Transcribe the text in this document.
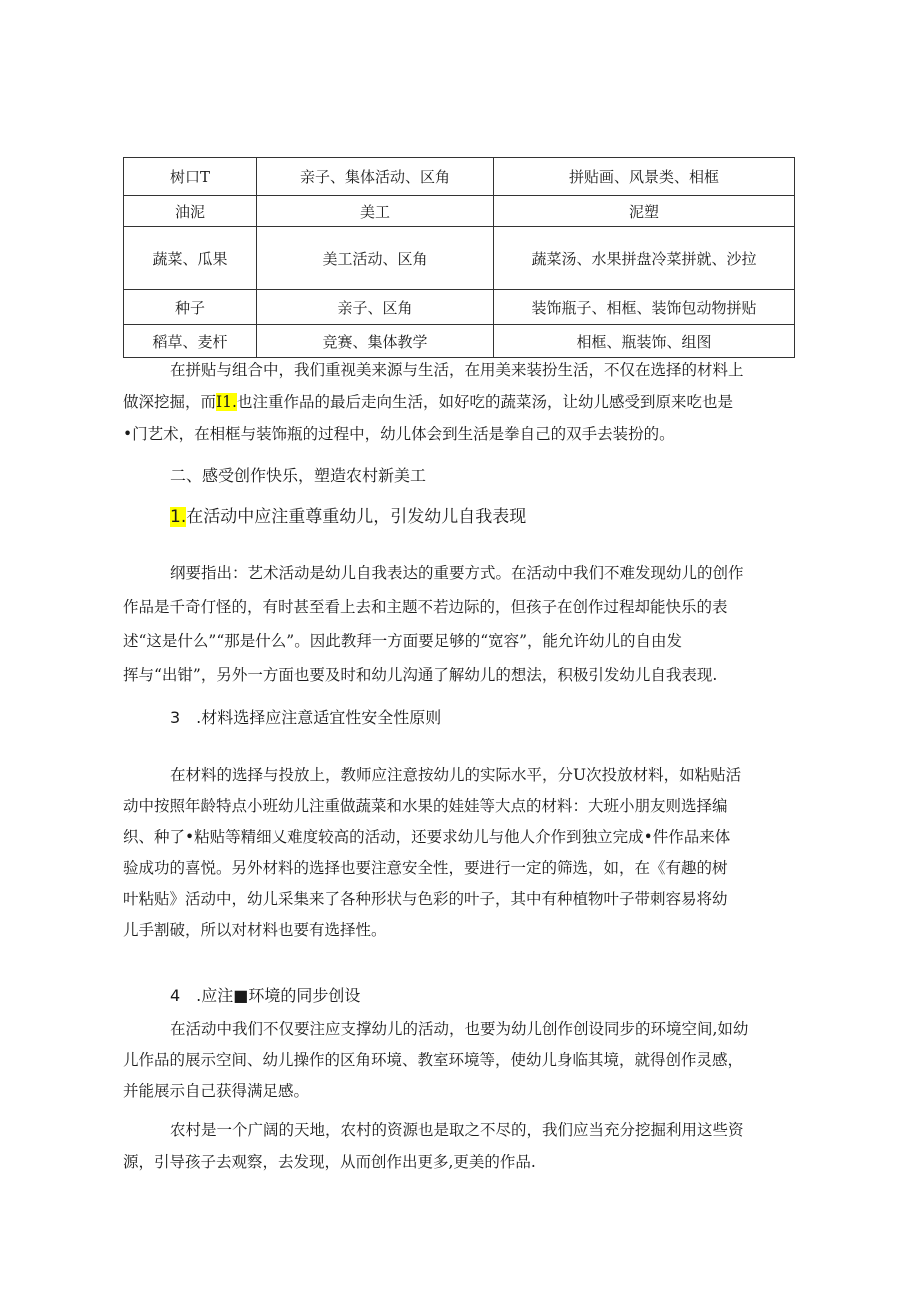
树口T	亲子、集体活动、区角	拼贴画、风景类、相框
油泥	美工	泥塑
蔬菜、瓜果	美工活动、区角	蔬菜汤、水果拼盘冷菜拼就、沙拉
种子	亲子、区角	装饰瓶子、相框、装饰包动物拼贴
稻草、麦杆	竞赛、集体教学	相框、瓶装饰、组图
在拼贴与组合中，我们重视美来源与生活，在用美来装扮生活，不仅在选择的材料上
做深挖掘，而I1.也注重作品的最后走向生活，如好吃的蔬菜汤，让幼儿感受到原来吃也是
•门艺术，在相框与装饰瓶的过程中，幼儿体会到生活是拳自己的双手去装扮的。
二、感受创作快乐，塑造农村新美工
1.在活动中应注重尊重幼儿，引发幼儿自我表现
纲要指出：艺术活动是幼儿自我表达的重要方式。在活动中我们不难发现幼儿的创作
作品是千奇仃怪的，有时甚至看上去和主题不若边际的，但孩子在创作过程却能快乐的表
述“这是什么”“那是什么”。因此教拜一方面要足够的“宽容”，能允许幼儿的自由发
挥与“出钳”，另外一方面也要及时和幼儿沟通了解幼儿的想法，积极引发幼儿自我表现.
3　.材料选择应注意适宜性安全性原则
在材料的选择与投放上，教师应注意按幼儿的实际水平，分U次投放材料，如粘贴活
动中按照年龄特点小班幼儿注重做蔬菜和水果的娃娃等大点的材料：大班小朋友则选择编
织、种了•粘贴等精细乂难度较高的活动，还要求幼儿与他人介作到独立完成•件作品来体
验成功的喜悦。另外材料的选择也要注意安全性，要进行一定的筛选，如，在《有趣的树
叶粘贴》活动中，幼儿采集来了各种形状与色彩的叶子，其中有种植物叶子带刺容易将幼
儿手割破，所以对材料也要有选择性。
4　.应注■环境的同步创设
在活动中我们不仅要注应支撑幼儿的活动，也要为幼儿创作创设同步的环境空间,如幼
儿作品的展示空间、幼儿操作的区角环境、教室环境等，使幼儿身临其境，就得创作灵感，
并能展示自己获得满足感。
农村是一个广阔的天地，农村的资源也是取之不尽的，我们应当充分挖掘利用这些资
源，引导孩子去观察，去发现，从而创作出更多,更美的作品.
